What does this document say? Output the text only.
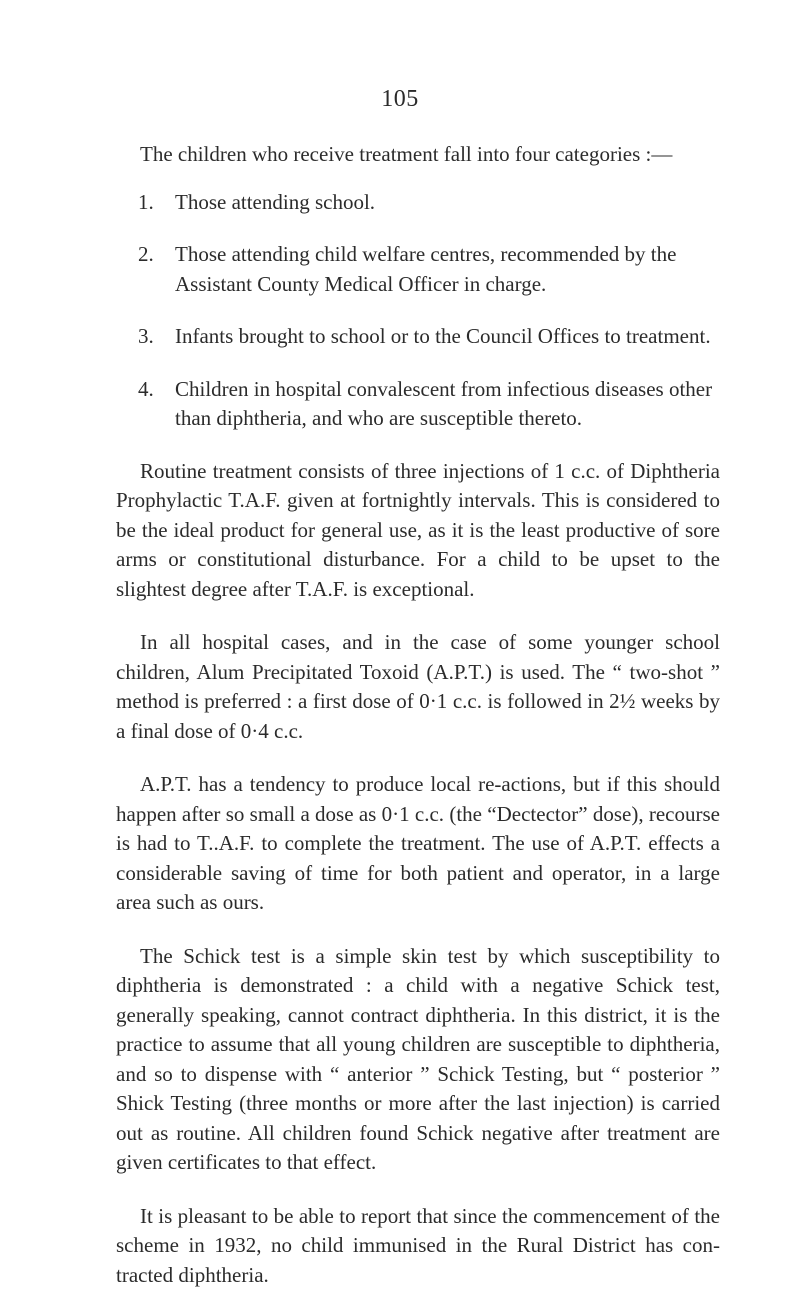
105

The children who receive treatment fall into four categories :—

1.	Those attending school.
2.	Those attending child welfare centres, recommended by the Assistant County Medical Officer in charge.
3.	Infants brought to school or to the Council Offices to treatment.
4.	Children in hospital convalescent from infectious diseases other than diphtheria, and who are susceptible thereto.

Routine treatment consists of three injections of 1 c.c. of Diphtheria Prophylactic T.A.F. given at fortnightly intervals. This is considered to be the ideal product for general use, as it is the least productive of sore arms or constitutional disturbance. For a child to be upset to the slightest degree after T.A.F. is exceptional.

In all hospital cases, and in the case of some younger school children, Alum Precipitated Toxoid (A.P.T.) is used. The “ two-shot ” method is preferred : a first dose of 0·1 c.c. is followed in 2½ weeks by a final dose of 0·4 c.c.

A.P.T. has a tendency to produce local re-actions, but if this should happen after so small a dose as 0·1 c.c. (the “Dectector” dose), recourse is had to T..A.F. to complete the treatment. The use of A.P.T. effects a considerable saving of time for both patient and operator, in a large area such as ours.

The Schick test is a simple skin test by which susceptibility to diphtheria is demonstrated : a child with a negative Schick test, generally speaking, cannot contract diphtheria. In this district, it is the practice to assume that all young children are susceptible to diphtheria, and so to dispense with “ anterior ” Schick Testing, but “ posterior ” Shick Testing (three months or more after the last injection) is carried out as routine. All children found Schick negative after treatment are given certificates to that effect.

It is pleasant to be able to report that since the commencement of the scheme in 1932, no child immunised in the Rural District has con- tracted diphtheria.
